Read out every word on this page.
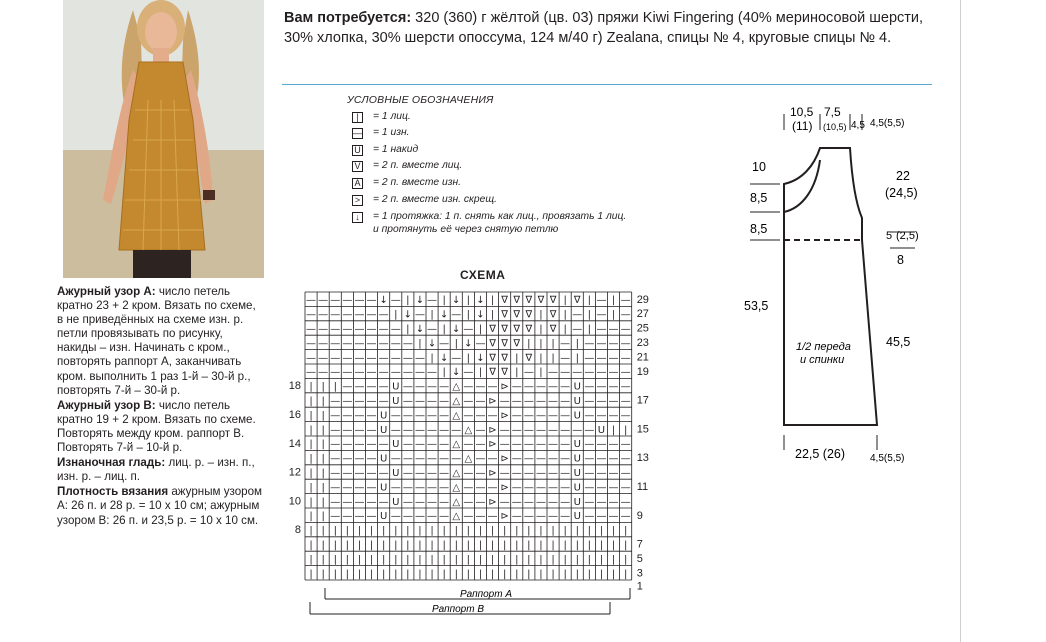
Ажурный узор А: число петель кратно 23 + 2 кром. Вязать по схеме, в не приведённых на схеме изн. р. петли провязывать по рисунку, накиды – изн. Начинать с кром., повторять раппорт А, заканчивать кром. выполнить 1 раз 1-й – 30-й р., повторять 7-й – 30-й р.

Ажурный узор В: число петель кратно 19 + 2 кром. Вязать по схеме. Повторять между кром. раппорт В. Повторять 7-й – 10-й р.

Изнаночная гладь: лиц. р. – изн. п., изн. р. – лиц. п.

Плотность вязания ажурным узором А: 26 п. и 28 р. = 10 х 10 см; ажурным узором В: 26 п. и 23,5 р. = 10 х 10 см.

Вам потребуется: 320 (360) г жёлтой (цв. 03) пряжи Kiwi Fingering (40% мериносовой шерсти, 30% хлопка, 30% шерсти опоссума, 124 м/40 г) Zealana, спицы № 4, круговые спицы № 4.
УСЛОВНЫЕ ОБОЗНАЧЕНИЯ
|	= 1 лиц.
— = 1 изн.
U = 1 накид
V = 2 п. вместе лиц.
A = 2 п. вместе изн.
> = 2 п. вместе изн. скрещ.
↓	= 1 протяжка: 1 п. снять как лиц., провязать 1 лиц.
и протянуть её через снятую петлю
СХЕМА
— — — — — — ↓ — | ↓ — | ↓ | ↓ | ∇ ∇ ∇ ∇ ∇ | ∇ | — | —
— — — — — — — | ↓ — | ↓ — | ↓ | ∇ ∇ ∇ | ∇ | — | — | —
— — — — — — — — | ↓ — | ↓ — | ∇ ∇ ∇ ∇ | ∇ | — | — — —
— — — — — — — — — | ↓ — | ↓ — ∇ ∇ ∇ | | | — | — — — —
— — — — — — — — — — | ↓ — | ↓ ∇ ∇ | ∇ | | — | — — — —
— — — — — — — — — — — | ↓ — | ∇ ∇ | — | — — — — — — —
| | | — — — — U — — — — △ — — — ⊳ — — — — — U — — — —
| | — — — — — U — — — — △ — — ⊳ — — — — — — U — — — —
| | — — — — U — — — — — △ — — — ⊳ — — — — — U — — — —
| | — — — — U — — — — — — △ — ⊳ — — — — — — — — U | |
| | — — — — — U — — — — △ — — ⊳ — — — — — — U — — — —
| | — — — — U — — — — — — △ — — ⊳ — — — — — U — — — —
| | — — — — — U — — — — △ — — ⊳ — — — — — — U — — — —
| | — — — — U — — — — — △ — — — ⊳ — — — — — U — — — —
| | — — — — — U — — — — △ — — ⊳ — — — — — — U — — — —
| | — — — — U — — — — — △ — — — ⊳ — — — — — U — — — —
| | | | | | | | | | | | | | | | | | | | | | | | | | |
| | | | | | | | | | | | | | | | | | | | | | | | | | |
| | | | | | | | | | | | | | | | | | | | | | | | | | |
| | | | | | | | | | | | | | | | | | | | | | | | | | |
29
27
25
23
21
19
17
15
13
11
9
7
5
3
1
18
16
14
12
10
8
Раппорт А
Раппорт В
10,5
(11)
7,5
(10,5) 4,5 4,5(5,5)
10
8,5
8,5
53,5
22
(24,5)
5 (2,5)
8
45,5
1/2 переда
и спинки
22,5 (26) 4,5(5,5)
